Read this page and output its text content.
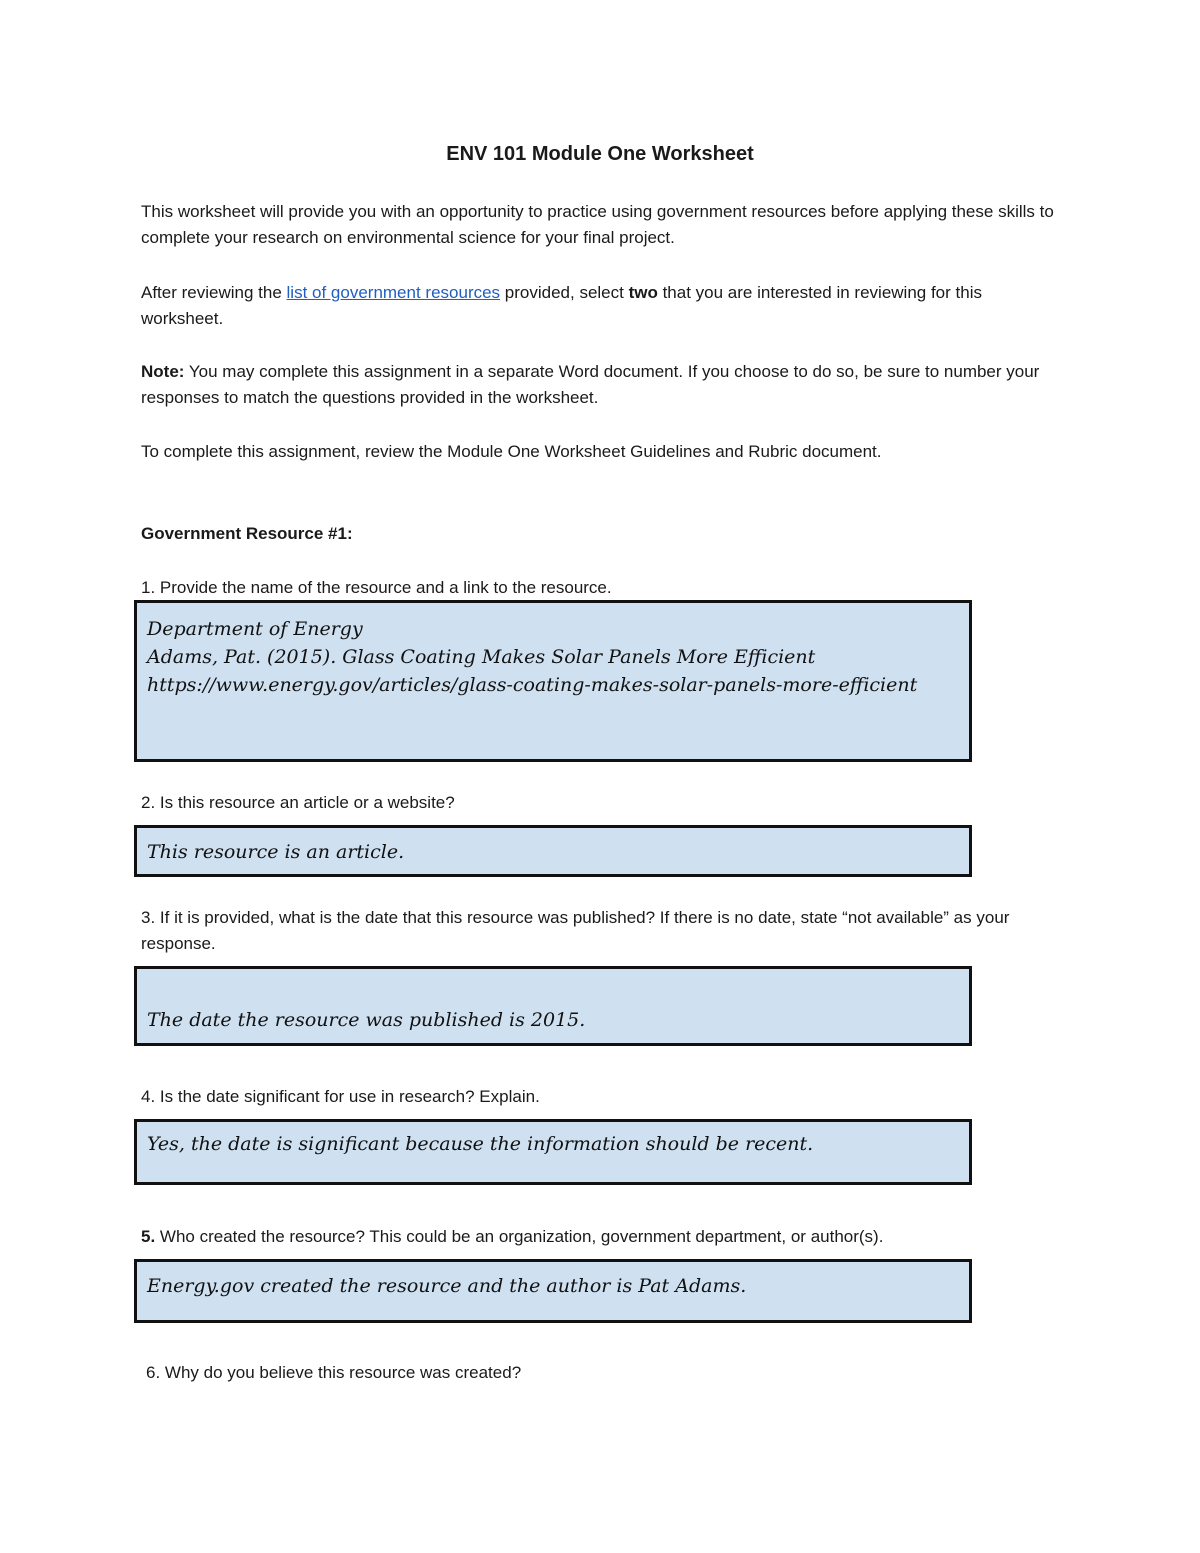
ENV 101 Module One Worksheet
This worksheet will provide you with an opportunity to practice using government resources before applying these skills to complete your research on environmental science for your final project.
After reviewing the list of government resources provided, select two that you are interested in reviewing for this worksheet.
Note: You may complete this assignment in a separate Word document. If you choose to do so, be sure to number your responses to match the questions provided in the worksheet.
To complete this assignment, review the Module One Worksheet Guidelines and Rubric document.
Government Resource #1:
1. Provide the name of the resource and a link to the resource.
Department of Energy
Adams, Pat. (2015). Glass Coating Makes Solar Panels More Efficient
https://www.energy.gov/articles/glass-coating-makes-solar-panels-more-efficient
2. Is this resource an article or a website?
This resource is an article.
3. If it is provided, what is the date that this resource was published? If there is no date, state “not available” as your response.
The date the resource was published is 2015.
4. Is the date significant for use in research? Explain.
Yes, the date is significant because the information should be recent.
5. Who created the resource? This could be an organization, government department, or author(s).
Energy.gov created the resource and the author is Pat Adams.
6. Why do you believe this resource was created?
